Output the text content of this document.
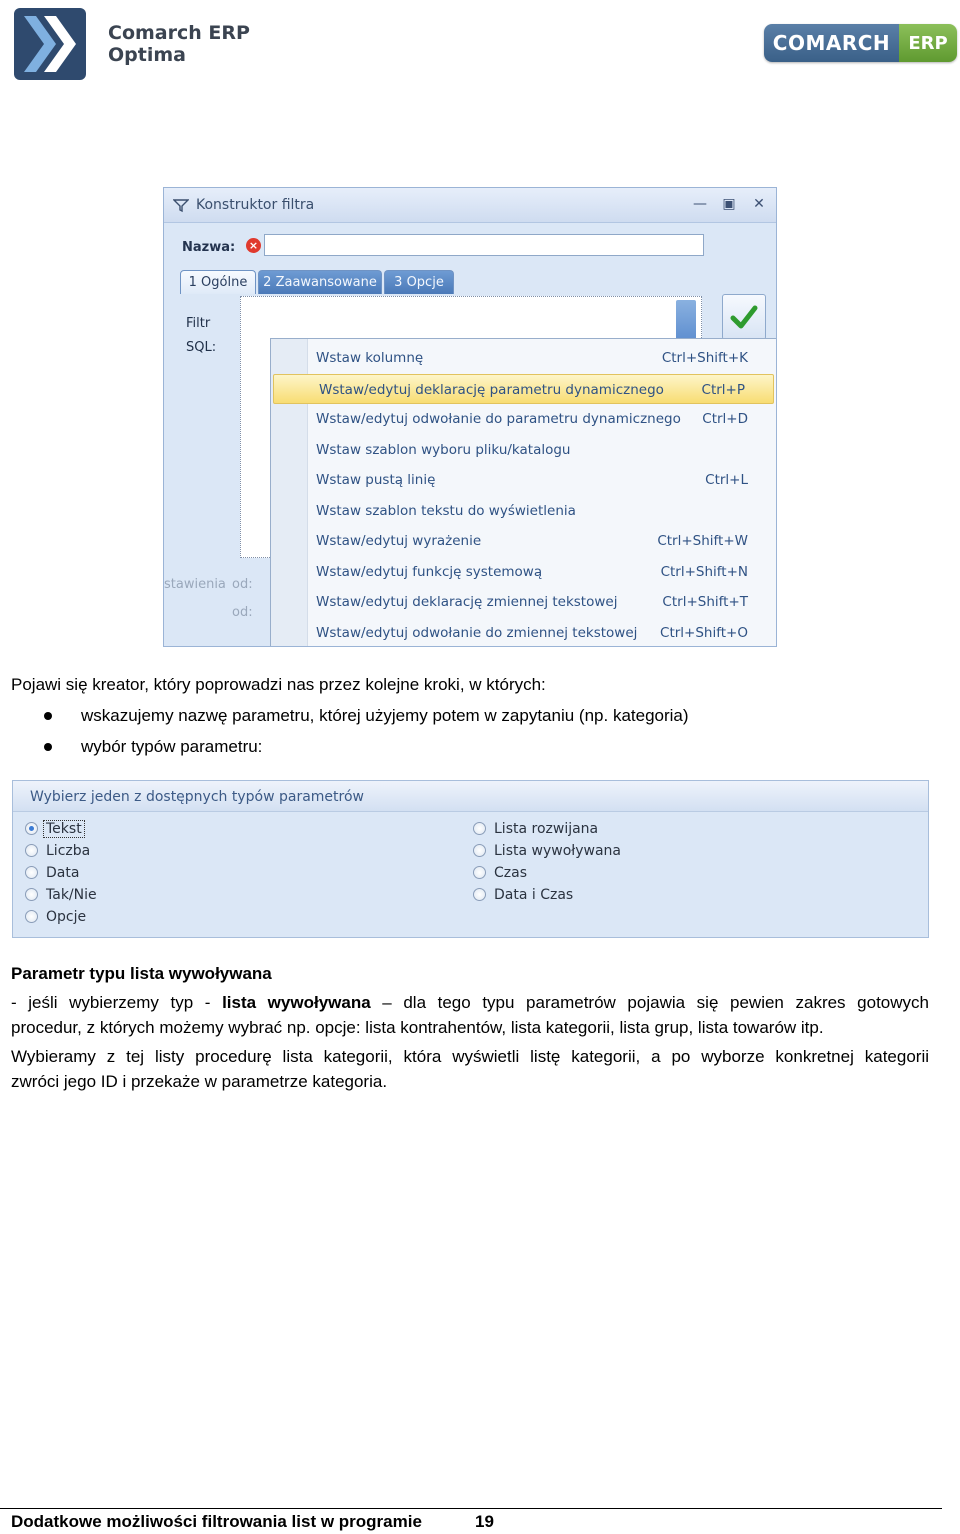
Comarch ERP
Optima	COMARCH	ERP
Konstruktor filtra	— ▣ ✕
Nazwa: ×
1 Ogólne	2 Zaawansowane	3 Opcje
Filtr
SQL:
stawienia od:
od:
Wstaw kolumnę	Ctrl+Shift+K
Wstaw/edytuj deklarację parametru dynamicznego	Ctrl+P
Wstaw/edytuj odwołanie do parametru dynamicznego Ctrl+D
Wstaw szablon wyboru pliku/katalogu
Wstaw pustą linię	Ctrl+L
Wstaw szablon tekstu do wyświetlenia
Wstaw/edytuj wyrażenie	Ctrl+Shift+W
Wstaw/edytuj funkcję systemową	Ctrl+Shift+N
Wstaw/edytuj deklarację zmiennej tekstowej	Ctrl+Shift+T
Wstaw/edytuj odwołanie do zmiennej tekstowej Ctrl+Shift+O
Pojawi się kreator, który poprowadzi nas przez kolejne kroki, w których:
wskazujemy nazwę parametru, której użyjemy potem w zapytaniu (np. kategoria)
wybór typów parametru:
Wybierz jeden z dostępnych typów parametrów
Tekst
Liczba
Data
Tak/Nie
Opcje
Lista rozwijana
Lista wywoływana
Czas
Data i Czas
Parametr typu lista wywoływana
- jeśli wybierzemy typ - lista wywoływana – dla tego typu parametrów pojawia się pewien zakres gotowych
procedur, z których możemy wybrać np. opcje: lista kontrahentów, lista kategorii, lista grup, lista towarów itp.
Wybieramy z tej listy procedurę lista kategorii, która wyświetli listę kategorii, a po wyborze konkretnej kategorii
zwróci jego ID i przekaże w parametrze kategoria.
Dodatkowe możliwości filtrowania list w programie	19
